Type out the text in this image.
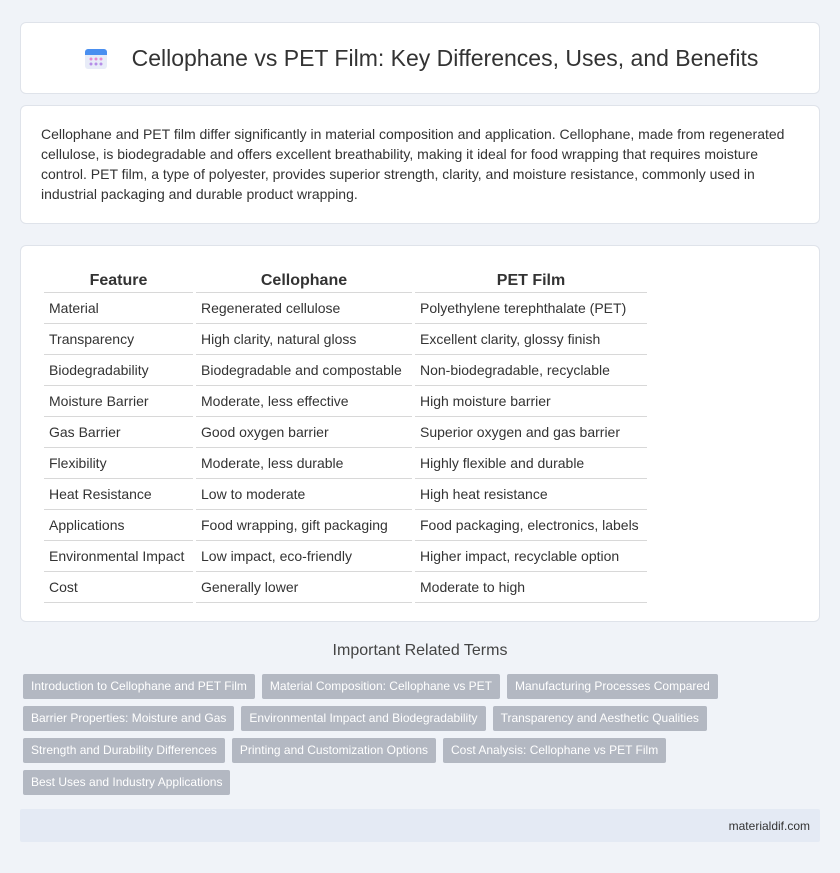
Cellophane vs PET Film: Key Differences, Uses, and Benefits

Cellophane and PET film differ significantly in material composition and application. Cellophane, made from regenerated cellulose, is biodegradable and offers excellent breathability, making it ideal for food wrapping that requires moisture control. PET film, a type of polyester, provides superior strength, clarity, and moisture resistance, commonly used in industrial packaging and durable product wrapping.

Feature	Cellophane	PET Film
Material	Regenerated cellulose	Polyethylene terephthalate (PET)
Transparency	High clarity, natural gloss	Excellent clarity, glossy finish
Biodegradability	Biodegradable and compostable	Non-biodegradable, recyclable
Moisture Barrier	Moderate, less effective	High moisture barrier
Gas Barrier	Good oxygen barrier	Superior oxygen and gas barrier
Flexibility	Moderate, less durable	Highly flexible and durable
Heat Resistance	Low to moderate	High heat resistance
Applications	Food wrapping, gift packaging	Food packaging, electronics, labels
Environmental Impact	Low impact, eco-friendly	Higher impact, recyclable option
Cost	Generally lower	Moderate to high
Important Related Terms
Introduction to Cellophane and PET Film	Material Composition: Cellophane vs PET	Manufacturing Processes Compared
Barrier Properties: Moisture and Gas	Environmental Impact and Biodegradability	Transparency and Aesthetic Qualities
Strength and Durability Differences	Printing and Customization Options	Cost Analysis: Cellophane vs PET Film
Best Uses and Industry Applications
materialdif.com
